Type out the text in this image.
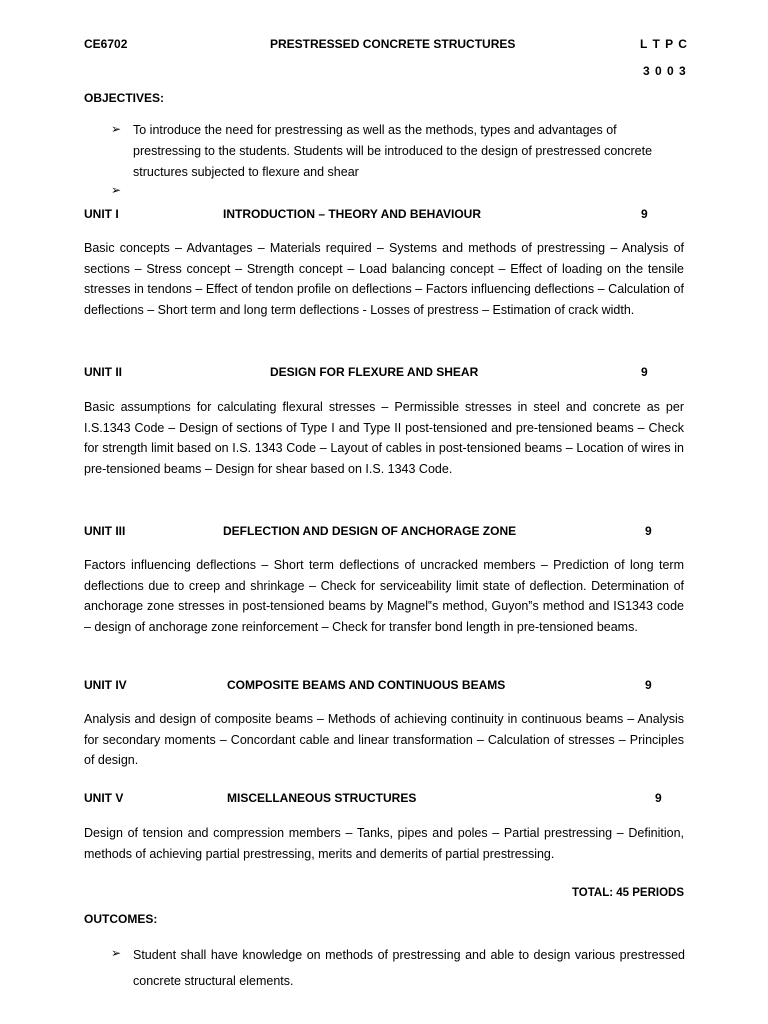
CE6702	PRESTRESSED CONCRETE STRUCTURES	L T P C
3 0 0 3
OBJECTIVES:
➢ To introduce the need for prestressing as well as the methods, types and advantages of prestressing to the students. Students will be introduced to the design of prestressed concrete structures subjected to flexure and shear
➢
UNIT I	INTRODUCTION – THEORY AND BEHAVIOUR	9
Basic concepts – Advantages – Materials required – Systems and methods of prestressing – Analysis of sections – Stress concept – Strength concept – Load balancing concept – Effect of loading on the tensile stresses in tendons – Effect of tendon profile on deflections – Factors influencing deflections – Calculation of deflections – Short term and long term deflections - Losses of prestress – Estimation of crack width.
UNIT II	DESIGN FOR FLEXURE AND SHEAR	9
Basic assumptions for calculating flexural stresses – Permissible stresses in steel and concrete as per I.S.1343 Code – Design of sections of Type I and Type II post-tensioned and pre-tensioned beams – Check for strength limit based on I.S. 1343 Code – Layout of cables in post-tensioned beams – Location of wires in pre-tensioned beams – Design for shear based on I.S. 1343 Code.
UNIT III	DEFLECTION AND DESIGN OF ANCHORAGE ZONE	9
Factors influencing deflections – Short term deflections of uncracked members – Prediction of long term deflections due to creep and shrinkage – Check for serviceability limit state of deflection. Determination of anchorage zone stresses in post-tensioned beams by Magnel‟s method, Guyon‟s method and IS1343 code – design of anchorage zone reinforcement – Check for transfer bond length in pre-tensioned beams.
UNIT IV	COMPOSITE BEAMS AND CONTINUOUS BEAMS	9
Analysis and design of composite beams – Methods of achieving continuity in continuous beams – Analysis for secondary moments – Concordant cable and linear transformation – Calculation of stresses – Principles of design.
UNIT V	MISCELLANEOUS STRUCTURES	9
Design of tension and compression members – Tanks, pipes and poles – Partial prestressing – Definition, methods of achieving partial prestressing, merits and demerits of partial prestressing.
TOTAL: 45 PERIODS
OUTCOMES:
➢ Student shall have knowledge on methods of prestressing and able to design various prestressed concrete structural elements.
